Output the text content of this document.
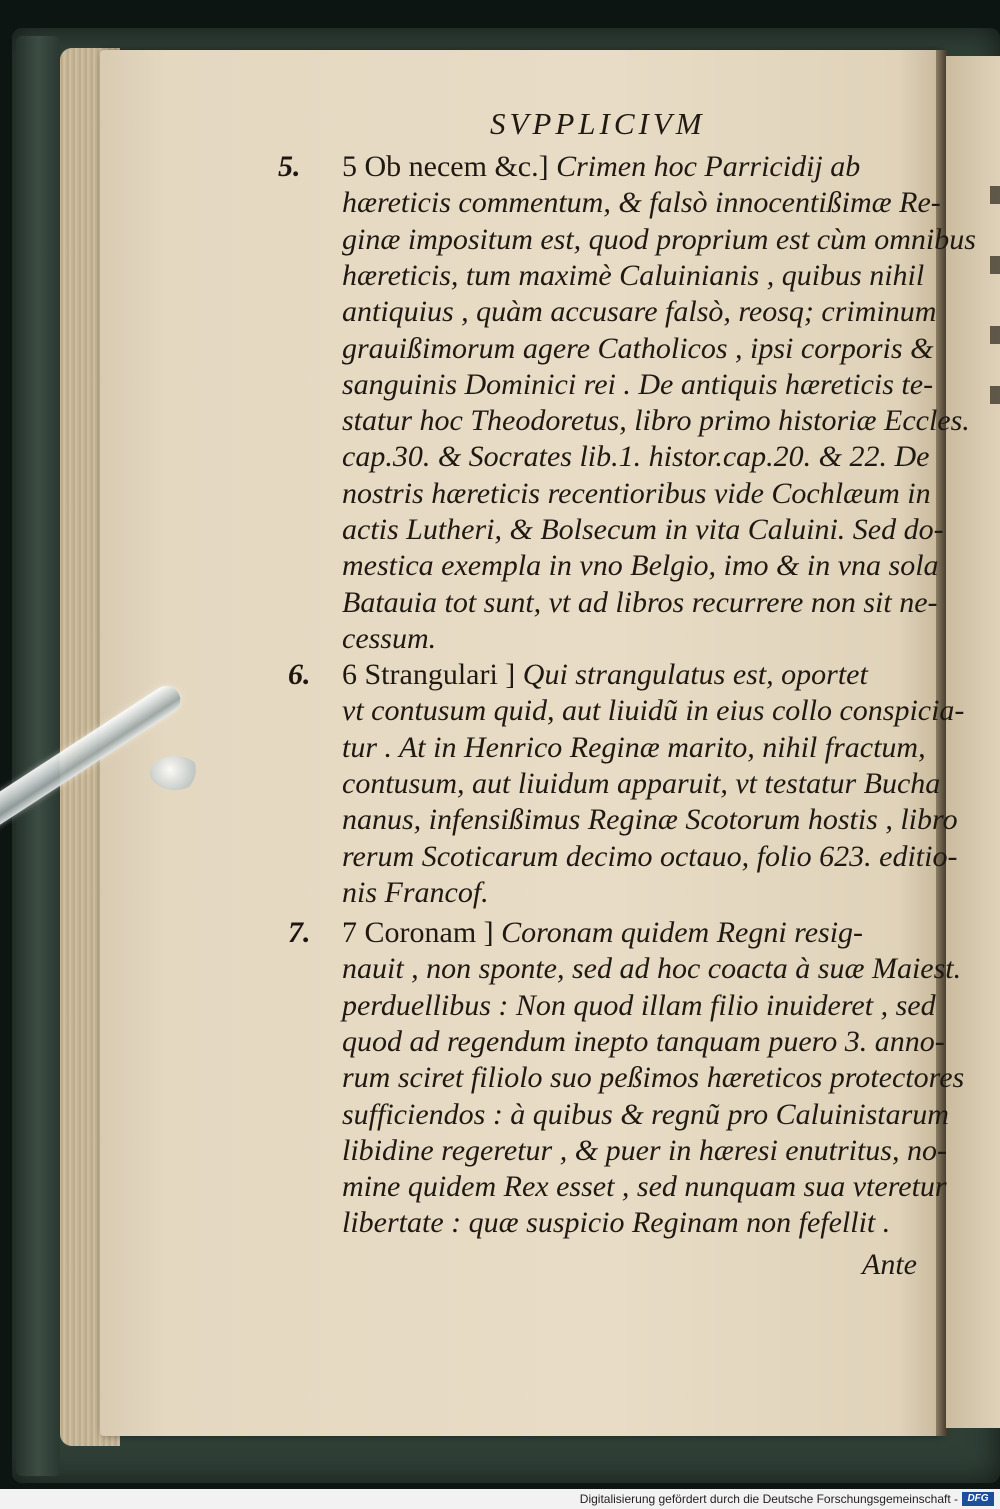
SVPPLICIVM
5. 5 Ob necem &c.] Crimen hoc Parricidij ab
hæreticis commentum, & falsò innocentißimæ Re-
ginæ impositum est, quod proprium est cùm omnibus
hæreticis, tum maximè Caluinianis , quibus nihil
antiquius , quàm accusare falsò, reosq; criminum
grauißimorum agere Catholicos , ipsi corporis &
sanguinis Dominici rei . De antiquis hæreticis te-
statur hoc Theodoretus, libro primo historiæ Eccles.
cap.30. & Socrates lib.1. histor.cap.20. & 22. De
nostris hæreticis recentioribus vide Cochlæum in
actis Lutheri, & Bolsecum in vita Caluini. Sed do-
mestica exempla in vno Belgio, imo & in vna sola
Batauia tot sunt, vt ad libros recurrere non sit ne-
cessum.
6. 6 Strangulari ] Qui strangulatus est, oportet
vt contusum quid, aut liuidũ in eius collo conspicia-
tur . At in Henrico Reginæ marito, nihil fractum,
contusum, aut liuidum apparuit, vt testatur Bucha
nanus, infensißimus Reginæ Scotorum hostis , libro
rerum Scoticarum decimo octauo, folio 623. editio-
nis Francof.
7. 7 Coronam ] Coronam quidem Regni resig-
nauit , non sponte, sed ad hoc coacta à suæ Maiest.
perduellibus : Non quod illam filio inuideret , sed
quod ad regendum inepto tanquam puero 3. anno-
rum sciret filiolo suo peßimos hæreticos protectores
sufficiendos : à quibus & regnũ pro Caluinistarum
libidine regeretur , & puer in hæresi enutritus, no-
mine quidem Rex esset , sed nunquam sua vteretur
libertate : quæ suspicio Reginam non fefellit .
Ante
Digitalisierung gefördert durch die Deutsche Forschungsgemeinschaft - DFG
